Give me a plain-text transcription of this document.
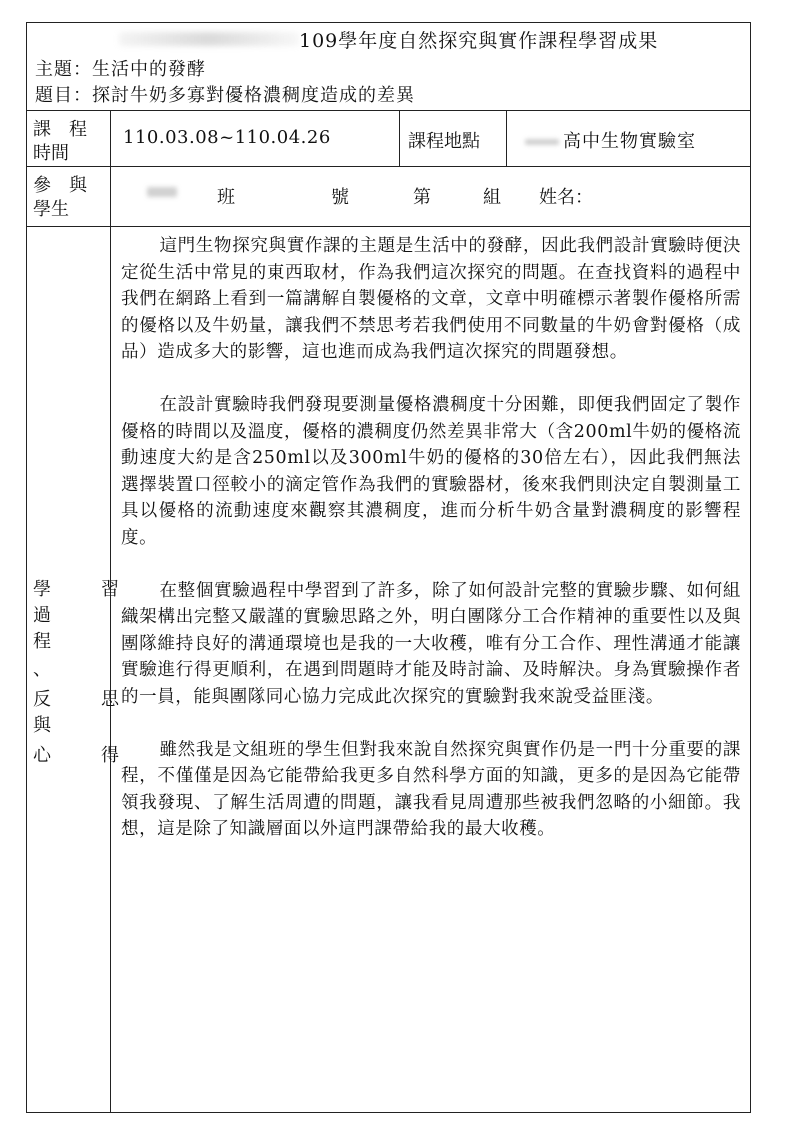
109學年度自然探究與實作課程學習成果
主題：生活中的發酵
題目：探討牛奶多寡對優格濃稠度造成的差異
課　程
時間
110.03.08~110.04.26	課程地點	高中生物實驗室
參　與
學生
班	號	第	組 姓名：
學　習
過
程
、
反　思
與
心　得

這門生物探究與實作課的主題是生活中的發酵，因此我們設計實驗時便決定從生活中常見的東西取材，作為我們這次探究的問題。在查找資料的過程中我們在網路上看到一篇講解自製優格的文章，文章中明確標示著製作優格所需的優格以及牛奶量，讓我們不禁思考若我們使用不同數量的牛奶會對優格（成品）造成多大的影響，這也進而成為我們這次探究的問題發想。

在設計實驗時我們發現要測量優格濃稠度十分困難，即便我們固定了製作優格的時間以及溫度，優格的濃稠度仍然差異非常大（含200ml牛奶的優格流動速度大約是含250ml以及300ml牛奶的優格的30倍左右），因此我們無法選擇裝置口徑較小的滴定管作為我們的實驗器材，後來我們則決定自製測量工具以優格的流動速度來觀察其濃稠度，進而分析牛奶含量對濃稠度的影響程度。

在整個實驗過程中學習到了許多，除了如何設計完整的實驗步驟、如何組織架構出完整又嚴謹的實驗思路之外，明白團隊分工合作精神的重要性以及與團隊維持良好的溝通環境也是我的一大收穫，唯有分工合作、理性溝通才能讓實驗進行得更順利，在遇到問題時才能及時討論、及時解決。身為實驗操作者的一員，能與團隊同心協力完成此次探究的實驗對我來說受益匪淺。

雖然我是文組班的學生但對我來說自然探究與實作仍是一門十分重要的課程，不僅僅是因為它能帶給我更多自然科學方面的知識，更多的是因為它能帶領我發現、了解生活周遭的問題，讓我看見周遭那些被我們忽略的小細節。我想，這是除了知識層面以外這門課帶給我的最大收穫。
